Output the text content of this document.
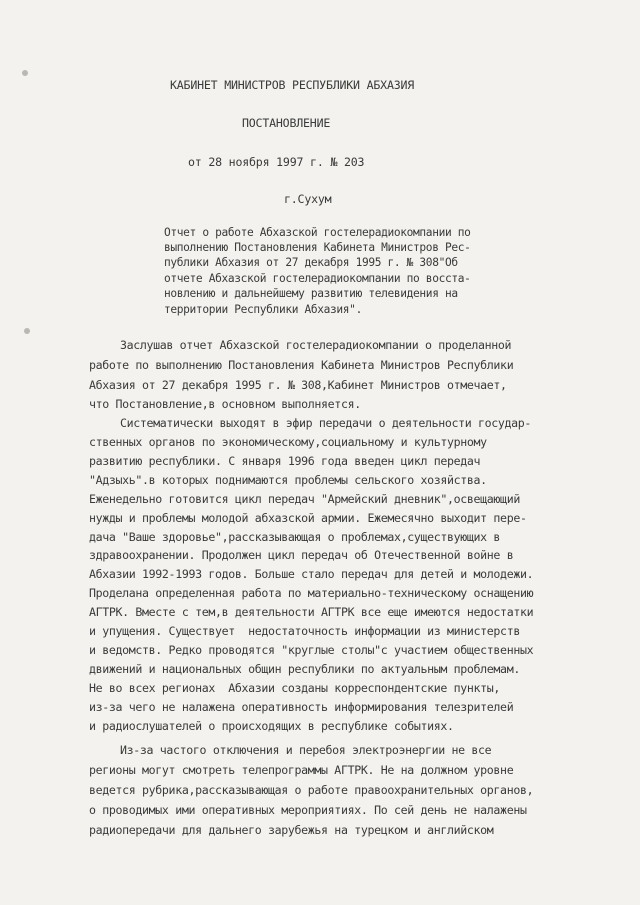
КАБИНЕТ МИНИСТРОВ РЕСПУБЛИКИ АБХАЗИЯ
ПОСТАНОВЛЕНИЕ
от 28 ноября 1997 г. № 203
г.Сухум
Отчет о работе Абхазской гостелерадиокомпании по
выполнению Постановления Кабинета Министров Рес-
публики Абхазия от 27 декабря 1995 г. № 308"Об
отчете Абхазской гостелерадиокомпании по восста-
новлению и дальнейшему развитию телевидения на
территории Республики Абхазия".
Заслушав отчет Абхазской гостелерадиокомпании о проделанной
работе по выполнению Постановления Кабинета Министров Республики
Абхазия от 27 декабря 1995 г. № 308,Кабинет Министров отмечает,
что Постановление,в основном выполняется.
Систематически выходят в эфир передачи о деятельности государ-
ственных органов по экономическому,социальному и культурному
развитию республики. С января 1996 года введен цикл передач
"Адзыхь".в которых поднимаются проблемы сельского хозяйства.
Еженедельно готовится цикл передач "Армейский дневник",освещающий
нужды и проблемы молодой абхазской армии. Ежемесячно выходит пере-
дача "Ваше здоровье",рассказывающая о проблемах,существующих в
здравоохранении. Продолжен цикл передач об Отечественной войне в
Абхазии 1992-1993 годов. Больше стало передач для детей и молодежи.
Проделана определенная работа по материально-техническому оснащению
АГТРК. Вместе с тем,в деятельности АГТРК все еще имеются недостатки
и упущения. Существует  недостаточность информации из министерств
и ведомств. Редко проводятся "круглые столы"с участием общественных
движений и национальных общин республики по актуальным проблемам.
Не во всех регионах  Абхазии созданы корреспондентские пункты,
из-за чего не налажена оперативность информирования телезрителей
и радиослушателей о происходящих в республике событиях.
Из-за частого отключения и перебоя электроэнергии не все
регионы могут смотреть телепрограммы АГТРК. Не на должном уровне
ведется рубрика,рассказывающая о работе правоохранительных органов,
о проводимых ими оперативных мероприятиях. По сей день не налажены
радиопередачи для дальнего зарубежья на турецком и английском
